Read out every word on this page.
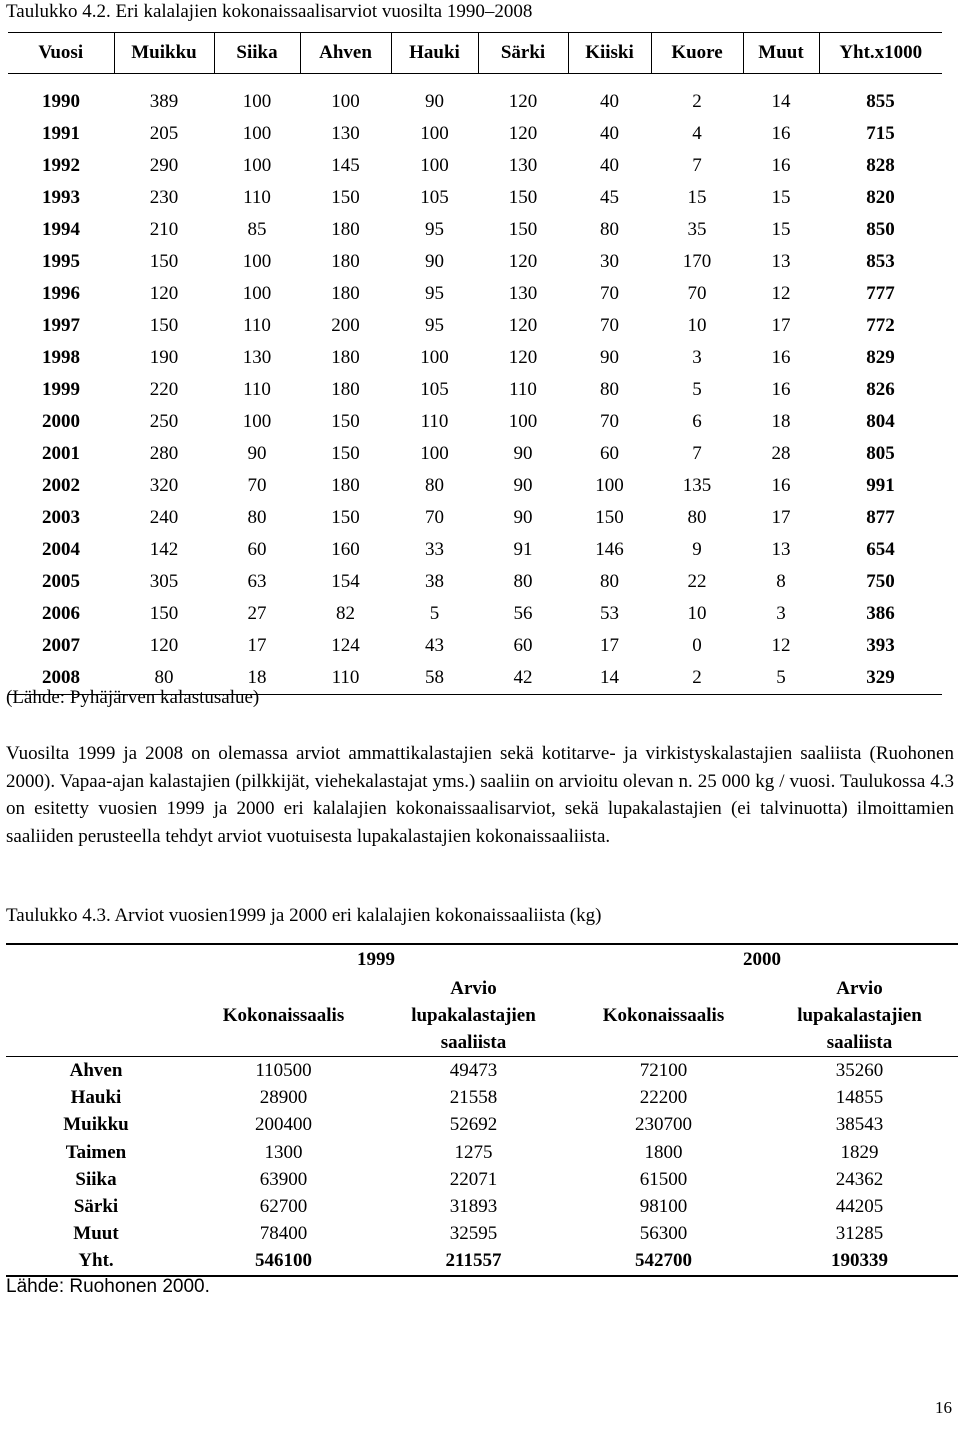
Taulukko 4.2. Eri kalalajien kokonaissaalisarviot vuosilta 1990–2008
Vuosi	Muikku	Siika	Ahven	Hauki	Särki	Kiiski	Kuore	Muut	Yht.x1000
1990	389	100	100	90	120	40	2	14	855
1991	205	100	130	100	120	40	4	16	715
1992	290	100	145	100	130	40	7	16	828
1993	230	110	150	105	150	45	15	15	820
1994	210	85	180	95	150	80	35	15	850
1995	150	100	180	90	120	30	170	13	853
1996	120	100	180	95	130	70	70	12	777
1997	150	110	200	95	120	70	10	17	772
1998	190	130	180	100	120	90	3	16	829
1999	220	110	180	105	110	80	5	16	826
2000	250	100	150	110	100	70	6	18	804
2001	280	90	150	100	90	60	7	28	805
2002	320	70	180	80	90	100	135	16	991
2003	240	80	150	70	90	150	80	17	877
2004	142	60	160	33	91	146	9	13	654
2005	305	63	154	38	80	80	22	8	750
2006	150	27	82	5	56	53	10	3	386
2007	120	17	124	43	60	17	0	12	393
2008	80	18	110	58	42	14	2	5	329
(Lähde: Pyhäjärven kalastusalue)

Vuosilta 1999 ja 2008 on olemassa arviot ammattikalastajien sekä kotitarve- ja virkistyskalastajien saaliista (Ruohonen 2000). Vapaa-ajan kalastajien (pilkkijät, viehekalastajat yms.) saaliin on arvioitu olevan n. 25 000 kg / vuosi. Taulukossa 4.3 on esitetty vuosien 1999 ja 2000 eri kalalajien kokonaissaalisarviot, sekä lupakalastajien (ei talvinuotta) ilmoittamien saaliiden perusteella tehdyt arviot vuotuisesta lupakalastajien kokonaissaaliista.

Taulukko 4.3. Arviot vuosien1999 ja 2000 eri kalalajien kokonaissaaliista (kg)
	1999		2000	
	Kokonaissaalis	Arvio lupakalastajien saaliista	Kokonaissaalis	Arvio lupakalastajien saaliista
Ahven	110500	49473	72100	35260
Hauki	28900	21558	22200	14855
Muikku	200400	52692	230700	38543
Taimen	1300	1275	1800	1829
Siika	63900	22071	61500	24362
Särki	62700	31893	98100	44205
Muut	78400	32595	56300	31285
Yht.	546100	211557	542700	190339
Lähde: Ruohonen 2000.
16
